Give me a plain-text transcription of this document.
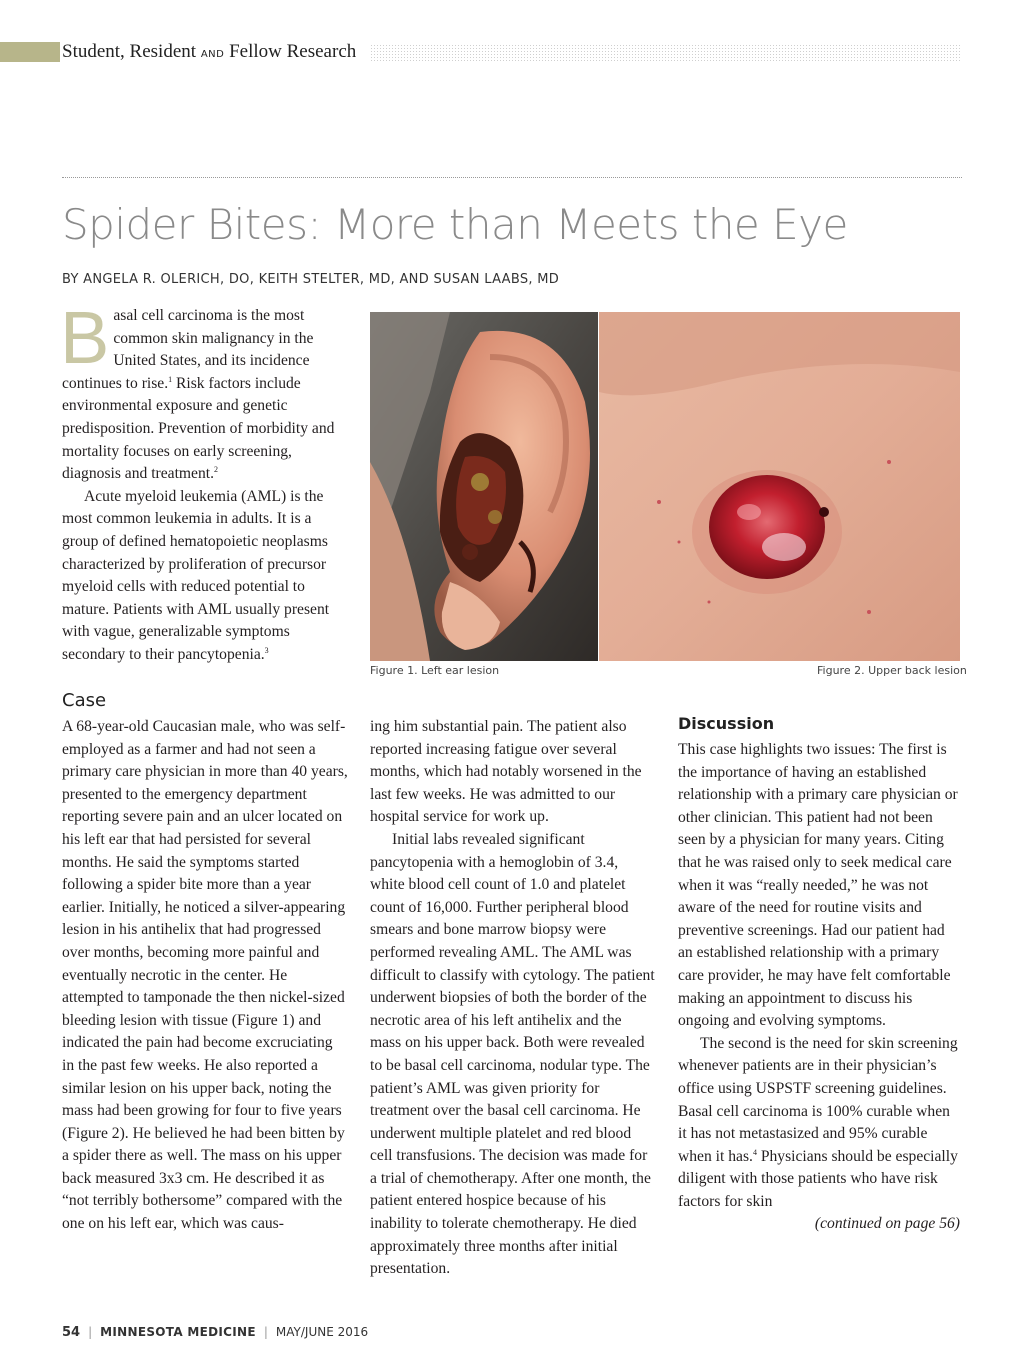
Student, Resident AND Fellow Research
Spider Bites: More than Meets the Eye
BY ANGELA R. OLERICH, DO, KEITH STELTER, MD, AND SUSAN LAABS, MD

Basal cell carcinoma is the most common skin malignancy in the United States, and its incidence continues to rise.$^1$ Risk factors include environmental exposure and genetic predisposition. Prevention of morbidity and mortality focuses on early screening, diagnosis and treatment.$^2$

Acute myeloid leukemia (AML) is the most common leukemia in adults. It is a group of defined hematopoietic neoplasms characterized by proliferation of precursor myeloid cells with reduced potential to mature. Patients with AML usually present with vague, generalizable symptoms secondary to their pancytopenia.$^3$

Figure 1. Left ear lesion	Figure 2. Upper back lesion
Case

A 68-year-old Caucasian male, who was self-employed as a farmer and had not seen a primary care physician in more than 40 years, presented to the emergency department reporting severe pain and an ulcer located on his left ear that had persisted for several months. He said the symptoms started following a spider bite more than a year earlier. Initially, he noticed a silver-appearing lesion in his antihelix that had progressed over months, becoming more painful and eventually necrotic in the center. He attempted to tamponade the then nickel-sized bleeding lesion with tissue (Figure 1) and indicated the pain had become excruciating in the past few weeks. He also reported a similar lesion on his upper back, noting the mass had been growing for four to five years (Figure 2). He believed he had been bitten by a spider there as well. The mass on his upper back measured 3x3 cm. He described it as “not terribly bothersome” compared with the one on his left ear, which was caus-

ing him substantial pain. The patient also reported increasing fatigue over several months, which had notably worsened in the last few weeks. He was admitted to our hospital service for work up.

Initial labs revealed significant pancytopenia with a hemoglobin of 3.4, white blood cell count of 1.0 and platelet count of 16,000. Further peripheral blood smears and bone marrow biopsy were performed revealing AML. The AML was difficult to classify with cytology. The patient underwent biopsies of both the border of the necrotic area of his left antihelix and the mass on his upper back. Both were revealed to be basal cell carcinoma, nodular type. The patient’s AML was given priority for treatment over the basal cell carcinoma. He underwent multiple platelet and red blood cell transfusions. The decision was made for a trial of chemotherapy. After one month, the patient entered hospice because of his inability to tolerate chemotherapy. He died approximately three months after initial presentation.

Discussion

This case highlights two issues: The first is the importance of having an established relationship with a primary care physician or other clinician. This patient had not been seen by a physician for many years. Citing that he was raised only to seek medical care when it was “really needed,” he was not aware of the need for routine visits and preventive screenings. Had our patient had an established relationship with a primary care provider, he may have felt comfortable making an appointment to discuss his ongoing and evolving symptoms.

The second is the need for skin screening whenever patients are in their physician’s office using USPSTF screening guidelines. Basal cell carcinoma is 100% curable when it has not metastasized and 95% curable when it has.$^4$ Physicians should be especially diligent with those patients who have risk factors for skin

(continued on page 56)

54 | MINNESOTA MEDICINE | MAY/JUNE 2016
